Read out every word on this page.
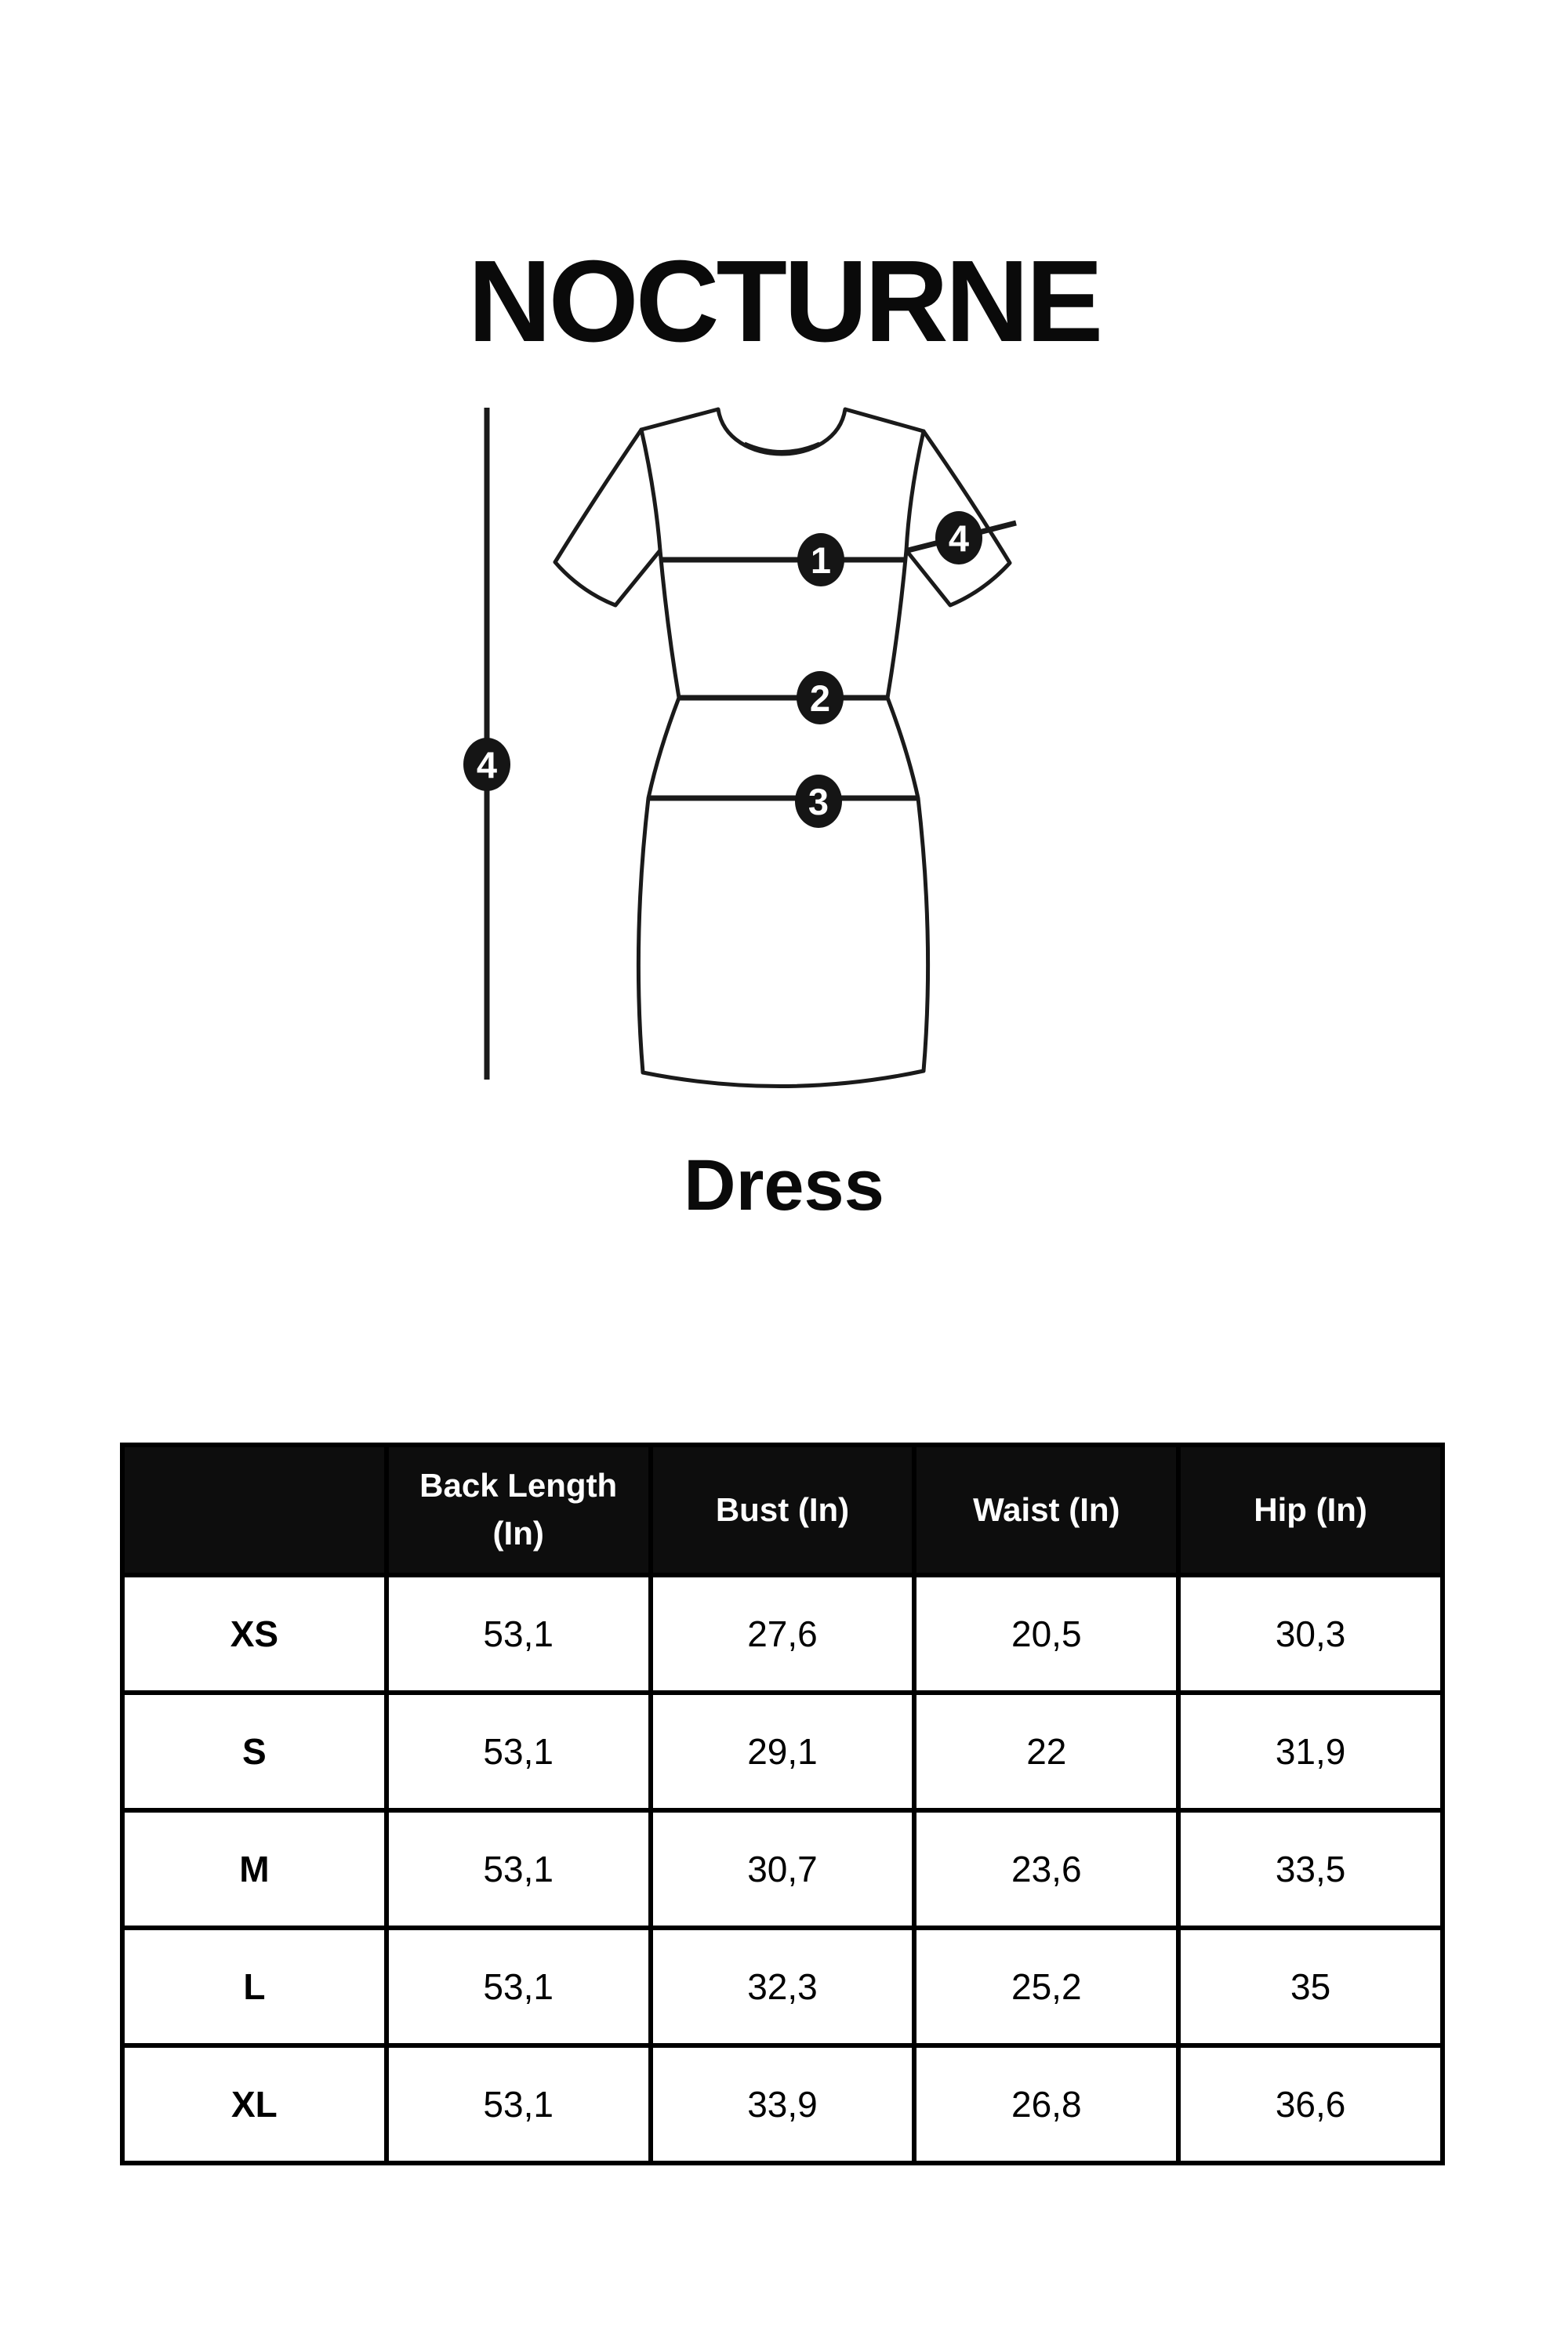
NOCTURNE
1
2
3
4
4
Dress
	Back Length (In)	Bust (In)	Waist (In)	Hip (In)
XS	53,1	27,6	20,5	30,3
S	53,1	29,1	22	31,9
M	53,1	30,7	23,6	33,5
L	53,1	32,3	25,2	35
XL	53,1	33,9	26,8	36,6
